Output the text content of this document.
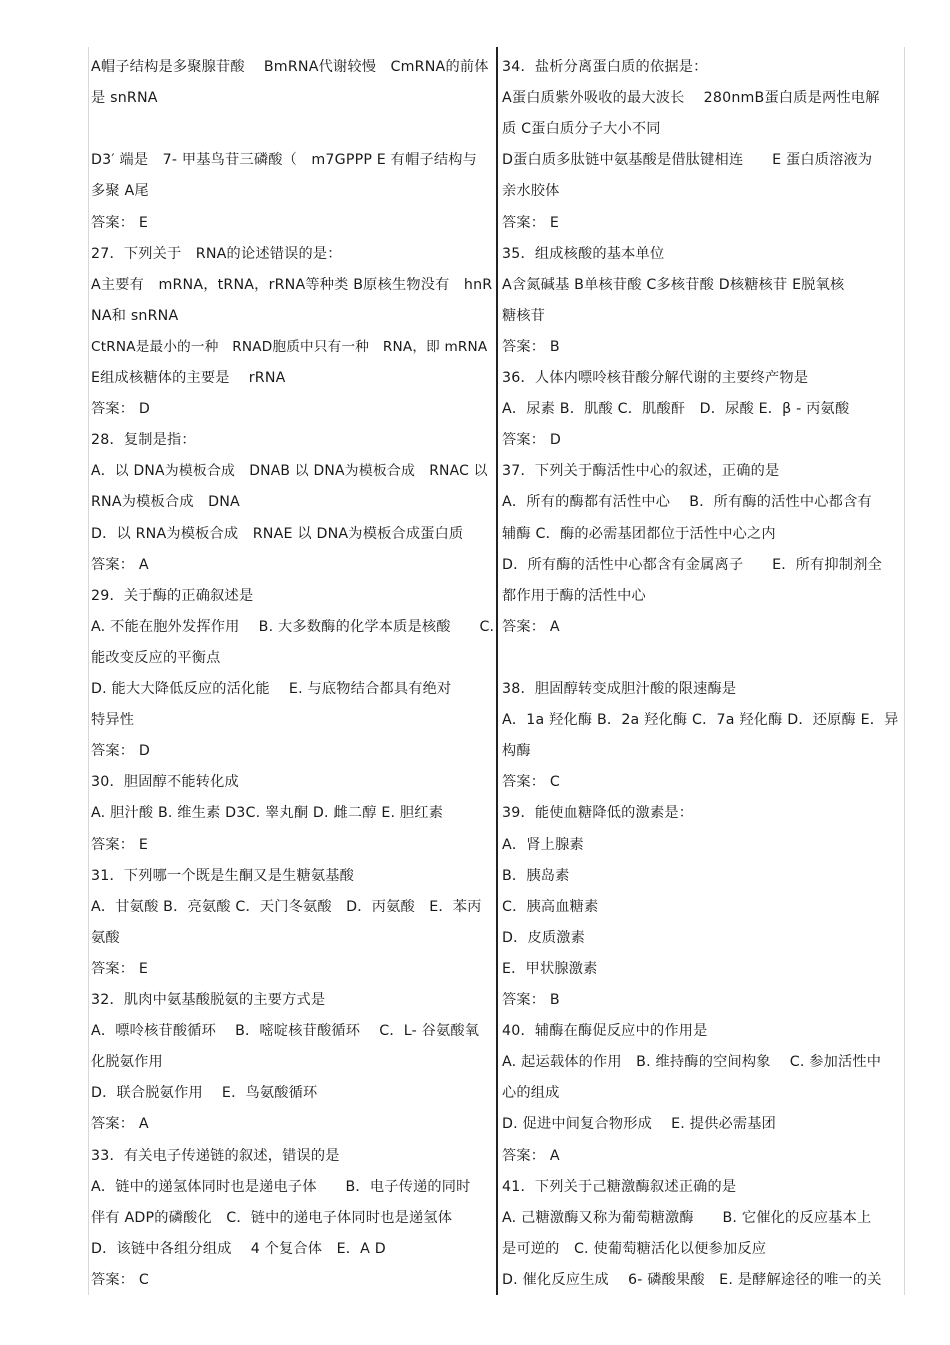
A帽子结构是多聚腺苷酸　 BmRNA代谢较慢　CmRNA的前体
是 snRNA
D3′ 端是　7- 甲基鸟苷三磷酸（　m7GPPP E 有帽子结构与
多聚 A尾
答案： E
27．下列关于　RNA的论述错误的是：
A主要有　mRNA，tRNA，rRNA等种类 B原核生物没有　hnR
NA和 snRNA
CtRNA是最小的一种　RNAD胞质中只有一种　RNA，即 mRNA
E组成核糖体的主要是　 rRNA
答案： D
28．复制是指：
A．以 DNA为模板合成　DNAB 以 DNA为模板合成　RNAC 以
RNA为模板合成　DNA
D．以 RNA为模板合成　RNAE 以 DNA为模板合成蛋白质
答案： A
29．关于酶的正确叙述是
A. 不能在胞外发挥作用　 B. 大多数酶的化学本质是核酸　　C.
能改变反应的平衡点
D. 能大大降低反应的活化能　 E. 与底物结合都具有绝对
特异性
答案： D
30．胆固醇不能转化成
A. 胆汁酸 B. 维生素 D3C. 睾丸酮 D. 雌二醇 E. 胆红素
答案： E
31．下列哪一个既是生酮又是生糖氨基酸
A．甘氨酸 B．亮氨酸 C．天门冬氨酸　D．丙氨酸　E．苯丙
氨酸
答案： E
32．肌肉中氨基酸脱氨的主要方式是
A．嘌呤核苷酸循环　 B．嘧啶核苷酸循环　 C．L- 谷氨酸氧
化脱氨作用
D．联合脱氨作用　 E．鸟氨酸循环
答案： A
33．有关电子传递链的叙述，错误的是
A．链中的递氢体同时也是递电子体　　B．电子传递的同时
伴有 ADP的磷酸化　C．链中的递电子体同时也是递氢体
D．该链中各组分组成　 4 个复合体　E．A D
答案： C
34．盐析分离蛋白质的依据是：
A蛋白质紫外吸收的最大波长　 280nmB蛋白质是两性电解
质 C蛋白质分子大小不同
D蛋白质多肽链中氨基酸是借肽键相连　　E 蛋白质溶液为
亲水胶体
答案： E
35．组成核酸的基本单位
A含氮碱基 B单核苷酸 C多核苷酸 D核糖核苷 E脱氧核
糖核苷
答案： B
36．人体内嘌呤核苷酸分解代谢的主要终产物是
A．尿素 B．肌酸 C．肌酸酐　D．尿酸 E．β - 丙氨酸
答案： D
37．下列关于酶活性中心的叙述，正确的是
A．所有的酶都有活性中心　 B．所有酶的活性中心都含有
辅酶 C．酶的必需基团都位于活性中心之内
D．所有酶的活性中心都含有金属离子　　E．所有抑制剂全
都作用于酶的活性中心
答案： A
38．胆固醇转变成胆汁酸的限速酶是
A．1a 羟化酶 B．2a 羟化酶 C．7a 羟化酶 D．还原酶 E．异
构酶
答案： C
39．能使血糖降低的激素是：
A．肾上腺素
B．胰岛素
C．胰高血糖素
D．皮质激素
E．甲状腺激素
答案： B
40．辅酶在酶促反应中的作用是
A. 起运载体的作用　B. 维持酶的空间构象　 C. 参加活性中
心的组成
D. 促进中间复合物形成　 E. 提供必需基团
答案： A
41．下列关于己糖激酶叙述正确的是
A. 己糖激酶又称为葡萄糖激酶　　B. 它催化的反应基本上
是可逆的　C. 使葡萄糖活化以便参加反应
D. 催化反应生成　 6- 磷酸果酸　E. 是酵解途径的唯一的关
